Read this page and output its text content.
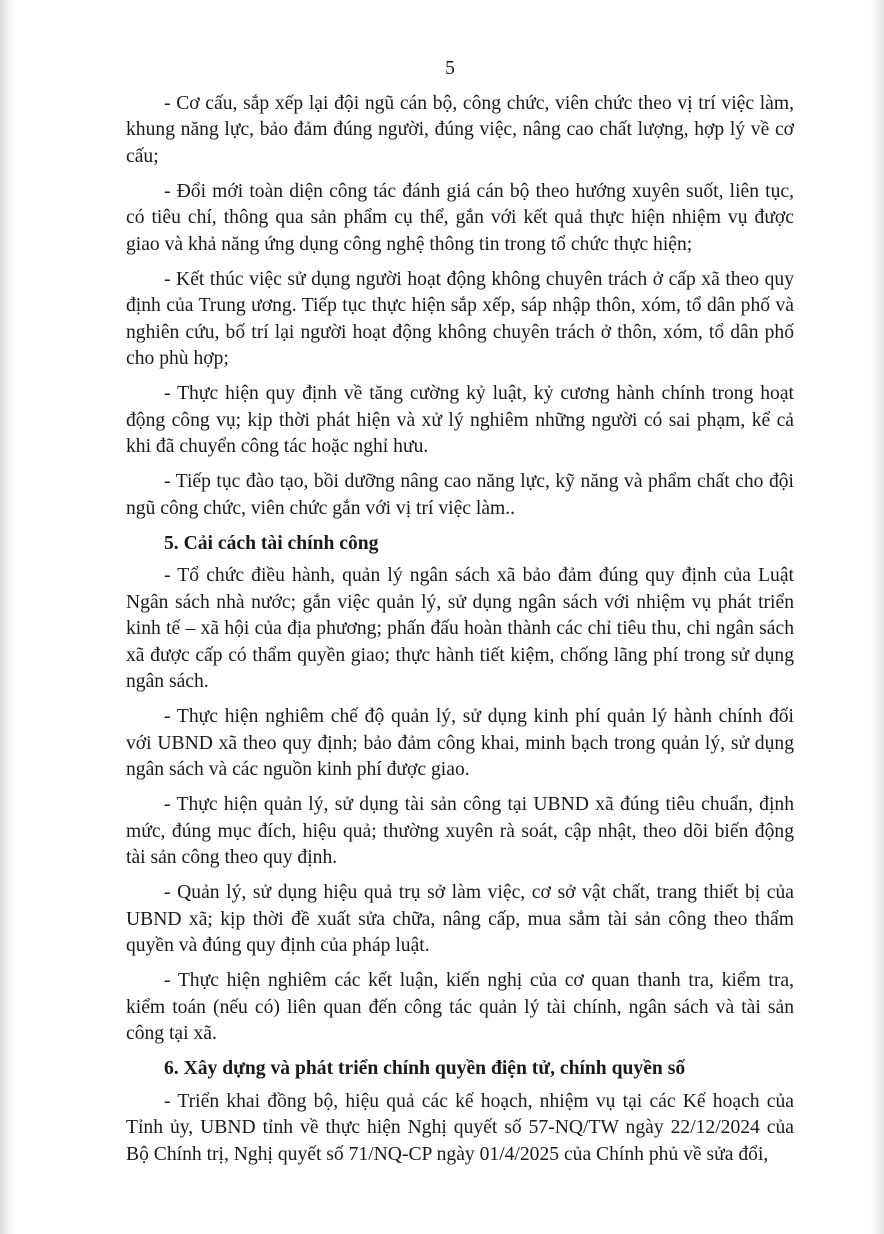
5

- Cơ cấu, sắp xếp lại đội ngũ cán bộ, công chức, viên chức theo vị trí việc làm, khung năng lực, bảo đảm đúng người, đúng việc, nâng cao chất lượng, hợp lý về cơ cấu;

- Đổi mới toàn diện công tác đánh giá cán bộ theo hướng xuyên suốt, liên tục, có tiêu chí, thông qua sản phẩm cụ thể, gắn với kết quả thực hiện nhiệm vụ được giao và khả năng ứng dụng công nghệ thông tin trong tổ chức thực hiện;

- Kết thúc việc sử dụng người hoạt động không chuyên trách ở cấp xã theo quy định của Trung ương. Tiếp tục thực hiện sắp xếp, sáp nhập thôn, xóm, tổ dân phố và nghiên cứu, bố trí lại người hoạt động không chuyên trách ở thôn, xóm, tổ dân phố cho phù hợp;

- Thực hiện quy định về tăng cường kỷ luật, kỷ cương hành chính trong hoạt động công vụ; kịp thời phát hiện và xử lý nghiêm những người có sai phạm, kể cả khi đã chuyển công tác hoặc nghỉ hưu.

- Tiếp tục đào tạo, bồi dưỡng nâng cao năng lực, kỹ năng và phẩm chất cho đội ngũ công chức, viên chức gắn với vị trí việc làm..

5. Cải cách tài chính công

- Tổ chức điều hành, quản lý ngân sách xã bảo đảm đúng quy định của Luật Ngân sách nhà nước; gắn việc quản lý, sử dụng ngân sách với nhiệm vụ phát triển kinh tế – xã hội của địa phương; phấn đấu hoàn thành các chỉ tiêu thu, chi ngân sách xã được cấp có thẩm quyền giao; thực hành tiết kiệm, chống lãng phí trong sử dụng ngân sách.

- Thực hiện nghiêm chế độ quản lý, sử dụng kinh phí quản lý hành chính đối với UBND xã theo quy định; bảo đảm công khai, minh bạch trong quản lý, sử dụng ngân sách và các nguồn kinh phí được giao.

- Thực hiện quản lý, sử dụng tài sản công tại UBND xã đúng tiêu chuẩn, định mức, đúng mục đích, hiệu quả; thường xuyên rà soát, cập nhật, theo dõi biến động tài sản công theo quy định.

- Quản lý, sử dụng hiệu quả trụ sở làm việc, cơ sở vật chất, trang thiết bị của UBND xã; kịp thời đề xuất sửa chữa, nâng cấp, mua sắm tài sản công theo thẩm quyền và đúng quy định của pháp luật.

- Thực hiện nghiêm các kết luận, kiến nghị của cơ quan thanh tra, kiểm tra, kiểm toán (nếu có) liên quan đến công tác quản lý tài chính, ngân sách và tài sản công tại xã.

6. Xây dựng và phát triển chính quyền điện tử, chính quyền số

- Triển khai đồng bộ, hiệu quả các kế hoạch, nhiệm vụ tại các Kế hoạch của Tỉnh ủy, UBND tỉnh về thực hiện Nghị quyết số 57-NQ/TW ngày 22/12/2024 của Bộ Chính trị, Nghị quyết số 71/NQ-CP ngày 01/4/2025 của Chính phủ về sửa đổi,
